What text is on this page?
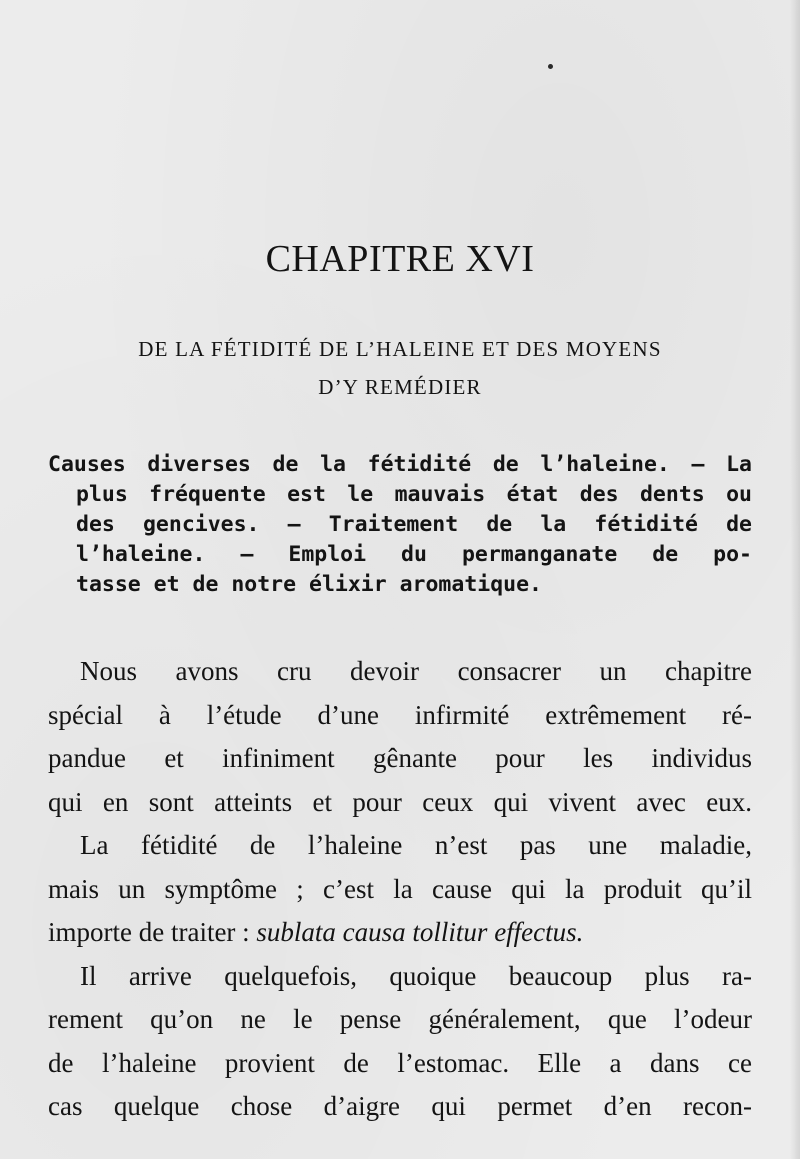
CHAPITRE XVI
DE LA FÉTIDITÉ DE L’HALEINE ET DES MOYENS
D’Y REMÉDIER
Causes diverses de la fétidité de l’haleine. — La
plus fréquente est le mauvais état des dents ou
des gencives. — Traitement de la fétidité de
l’haleine. — Emploi du permanganate de po-
tasse et de notre élixir aromatique.
Nous avons cru devoir consacrer un chapitre
spécial à l’étude d’une infirmité extrêmement ré-
pandue et infiniment gênante pour les individus
qui en sont atteints et pour ceux qui vivent avec eux.
La fétidité de l’haleine n’est pas une maladie,
mais un symptôme ; c’est la cause qui la produit qu’il
importe de traiter : sublata causa tollitur effectus.
Il arrive quelquefois, quoique beaucoup plus ra-
rement qu’on ne le pense généralement, que l’odeur
de l’haleine provient de l’estomac. Elle a dans ce
cas quelque chose d’aigre qui permet d’en recon-
